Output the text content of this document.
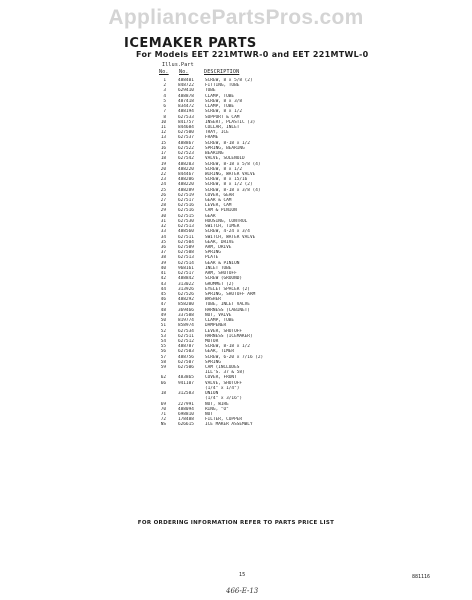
AppliancePartsPros.com
ICEMAKER PARTS
For Models EET 221MTWR-0 and EET 221MTWL-0
Illus.
No.
Part
No.	DESCRIPTION
1	488401	SCREW, 8 x 5/8 (2)
2	848722	FITTING, TUBE
3	629410	TUBE
4	488878	CLAMP, TUBE
5	487418	SCREW, 8 x 3/8
6	834472	CLAMP, TUBE
7	488194	SCREW, 8 x 1/2
8	627533	SUPPORT & CAM
10	841757	INSERT, PLASTIC (3)
11	844684	COLLAR, INLET
12	627500	TRAY, ICE
13	627537	FRAME
15	488867	SCREW, 8-18 x 1/2
16	627522	SPRING, BEARING
17	627523	BEARING
18	627542	VALVE, SOLENOID
19	488203	SCREW, 8-18 x 5/8 (4)
20	488220	SCREW, 8 x 1/2
22	844467	WIRING, WATER VALVE
23	488206	SCREW, 8 x 15/16
24	488220	SCREW, 8 x 1/2 (2)
25	488289	SCREW, 8-18 x 3/8 (4)
26	627519	COVER, GEAR
27	627517	GEAR & CAM
28	627516	LEVER, CAM
29	627516	CAM & PINION
30	627515	GEAR
31	627530	HOUSING, CONTROL
32	627513	SWITCH, TIMER
33	488560	SCREW, 4-24 x 3/4
34	627511	SWITCH, WATER VALVE
35	627504	GEAR, DRIVE
36	627509	ARM, DRIVE
37	627508	SPRING
38	627513	PLATE
39	627514	GEAR & PINION
40	968161	INLET TUBE
41	627517	ARM, SHUTOFF
42	488842	SCREW (GROUND)
43	313022	GROMMET (2)
44	313926	EYELET SPACER (2)
45	627526	SPRING, SHUTOFF ARM
46	488292	WASHER
47	858200	TUBE, INLET VALVE
48	369466	HARNESS (CABINET)
49	337588	NUT, VALVE
50	819774	CLAMP, TUBE
51	858974	DAMPENER
52	627534	LEVER, SHUTOFF
53	627511	HARNESS (ICEMAKER)
54	627512	MOTOR
55	488787	SCREW, 8-18 x 1/2
56	627503	GEAR, TIMER
57	488756	SCREW, 6-20 x 7/16 (2)
58	627507	SPRING
59	627506	CAM (INCLUDES
ILL'S. 37 & 58)
62	483865	COVER, FRONT
66	941107	VALVE, SHUTOFF
(1/4" x 1/4")
18	312583	UNION
(1/4" x 3/16")
69	227991	NUT, WIRE
70	488094	RING, "O"
71	698810	NUT
72	178488	FILTER, COPPER
NS	626615	ICE MAKER ASSEMBLY
FOR ORDERING INFORMATION REFER TO PARTS PRICE LIST
15	881116
466-E-13
